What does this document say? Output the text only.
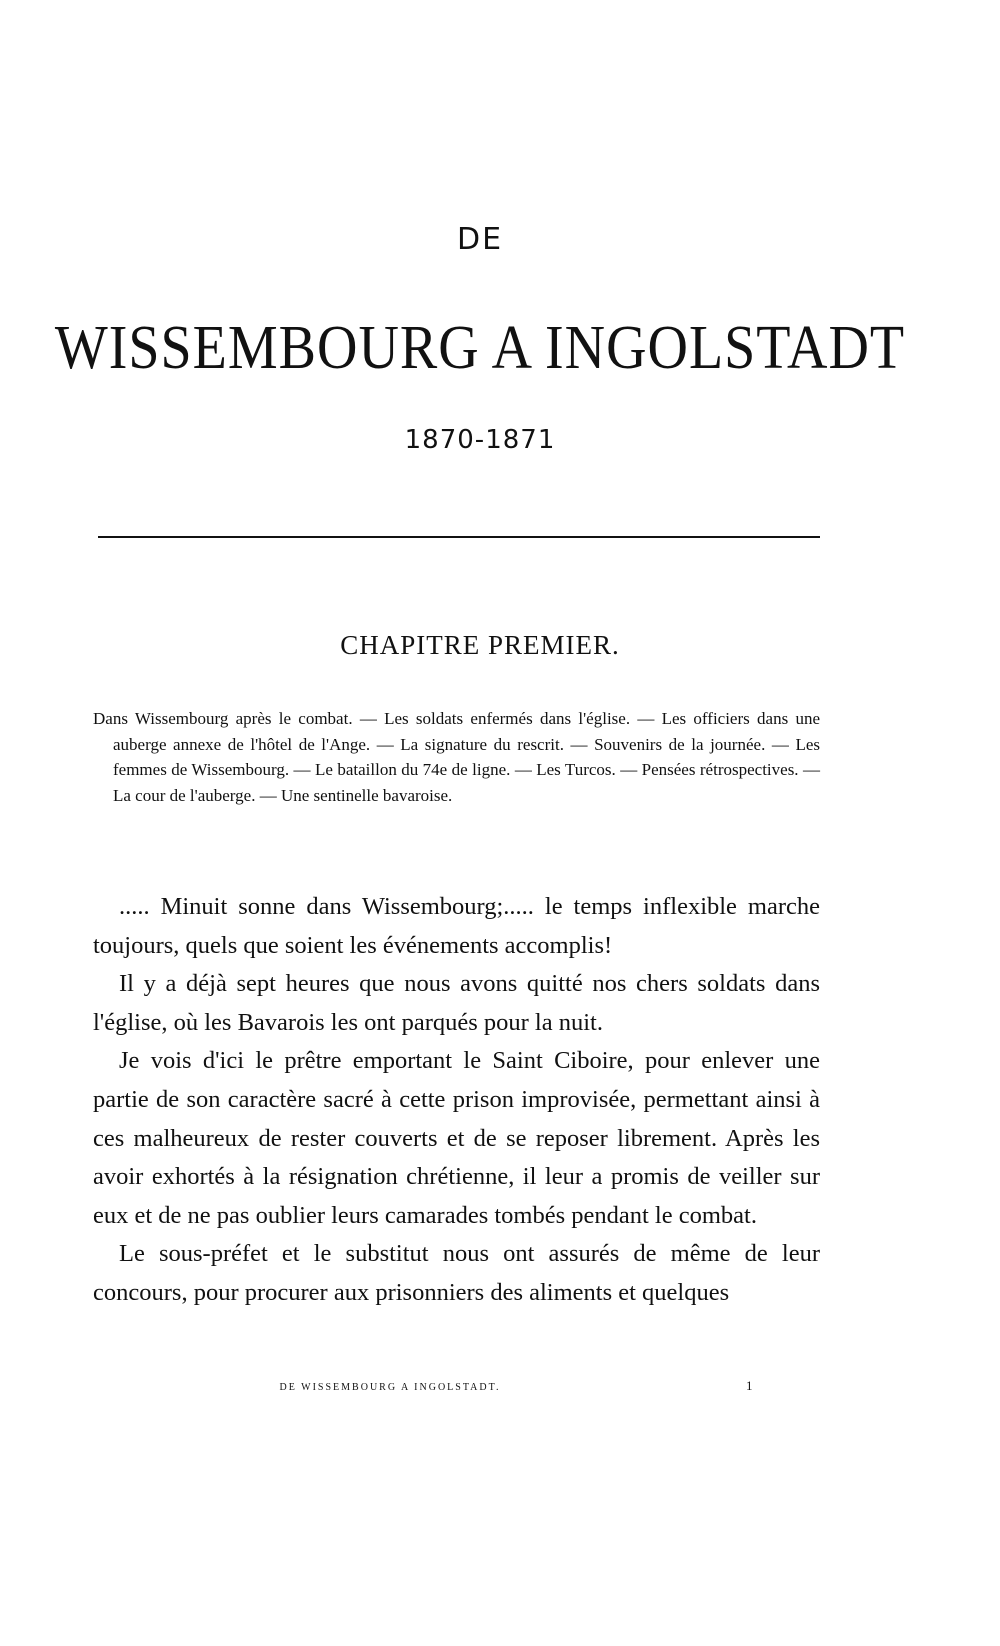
DE
WISSEMBOURG A INGOLSTADT
1870-1871
CHAPITRE PREMIER.
Dans Wissembourg après le combat. — Les soldats enfermés dans l'église. — Les officiers dans une auberge annexe de l'hôtel de l'Ange. — La signature du rescrit. — Souvenirs de la journée. — Les femmes de Wissembourg. — Le bataillon du 74e de ligne. — Les Turcos. — Pensées rétrospectives. — La cour de l'auberge. — Une sentinelle bavaroise.

..... Minuit sonne dans Wissembourg;..... le temps inflexible marche toujours, quels que soient les événements accomplis!

Il y a déjà sept heures que nous avons quitté nos chers soldats dans l'église, où les Bavarois les ont parqués pour la nuit.

Je vois d'ici le prêtre emportant le Saint Ciboire, pour enlever une partie de son caractère sacré à cette prison improvisée, permettant ainsi à ces malheureux de rester couverts et de se reposer librement. Après les avoir exhortés à la résignation chrétienne, il leur a promis de veiller sur eux et de ne pas oublier leurs camarades tombés pendant le combat.

Le sous-préfet et le substitut nous ont assurés de même de leur concours, pour procurer aux prisonniers des aliments et quelques

DE WISSEMBOURG A INGOLSTADT.	1
